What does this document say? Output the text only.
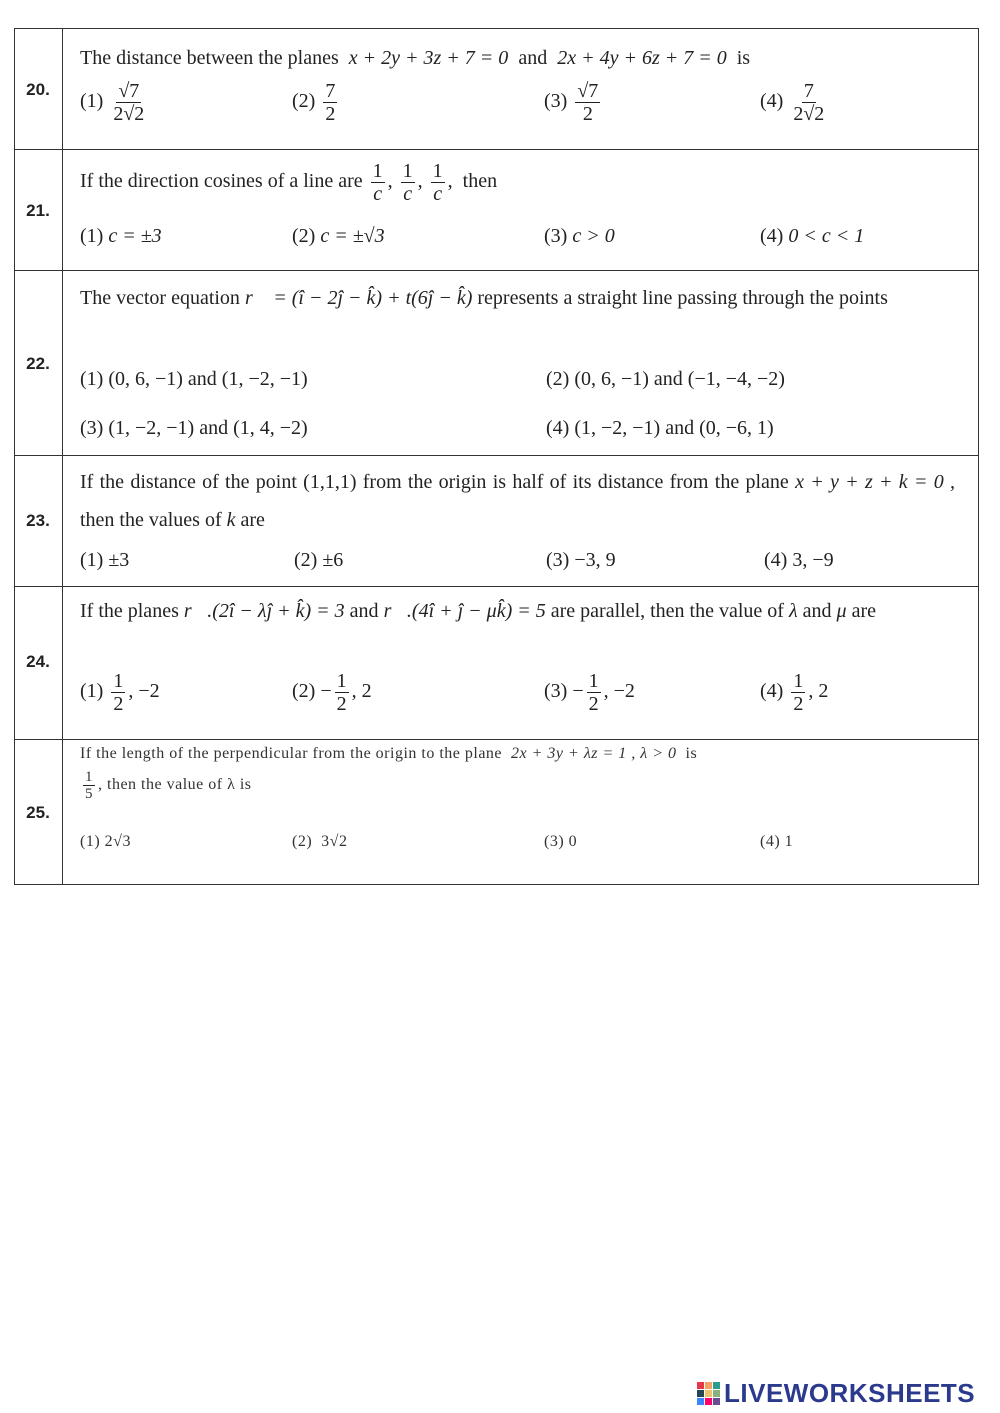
20.
The distance between the planes x + 2y + 3z + 7 = 0 and 2x + 4y + 6z + 7 = 0 is
$(1) \frac{√7}{2√2}$	$(2) \frac{7}{2}$	$(3) \frac{√7}{2}$	$(4) \frac{7}{2√2}$
21.
If the direction cosines of a line are $\frac{1}{c}$ , $\frac{1}{c}$ , $\frac{1}{c}$ ,  then
(1) c = ±3	(2) c = ±√3	(3) c > 0	(4) 0 < c < 1
22.
The vector equation r⃗ = (î − 2ĵ − k̂) + t(6ĵ − k̂) represents a straight line passing through the points
(1) (0, 6, −1) and (1, −2, −1)	(2) (0, 6, −1) and (−1, −4, −2)
(3) (1, −2, −1) and (1, 4, −2)	(4) (1, −2, −1) and (0, −6, 1)
23.
If the distance of the point (1,1,1) from the origin is half of its distance from the plane x + y + z + k = 0 , then the values of k are
(1) ±3	(2) ±6	(3) −3, 9	(4) 3, −9
24.
If the planes r⃗.(2î − λĵ + k̂) = 3 and r⃗.(4î + ĵ − μk̂) = 5 are parallel, then the value of λ and μ are
$(1) \frac{1}{2}$ , −2	$(2) - \frac{1}{2}$ , 2	$(3) - \frac{1}{2}$ , −2	$(4) \frac{1}{2}$ , 2
25.
If the length of the perpendicular from the origin to the plane 2x + 3y + λz = 1 , λ > 0 is

$\frac{1}{5}$ , then the value of λ is
(1) 2√3	(2) 3√2	(3) 0	(4) 1
LIVEWORKSHEETS
